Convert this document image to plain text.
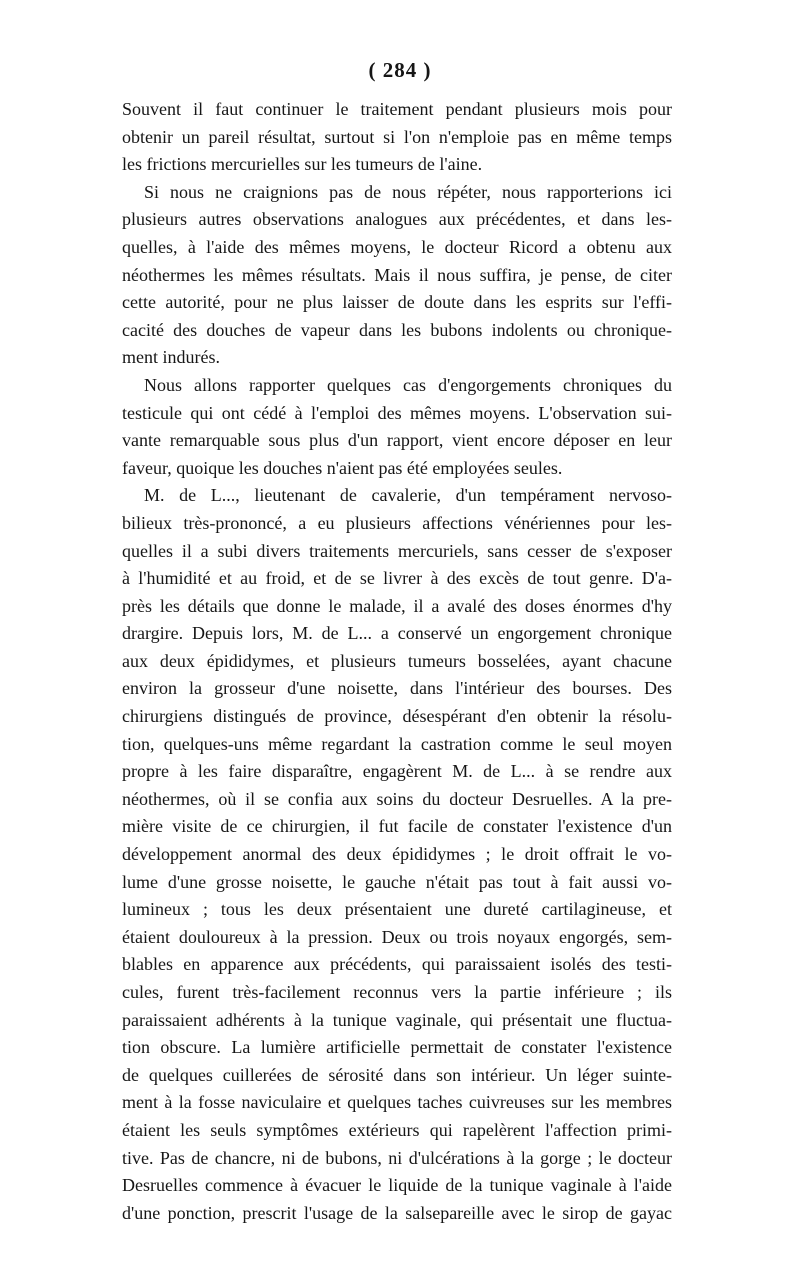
( 284 )
Souvent il faut continuer le traitement pendant plusieurs mois pour
obtenir un pareil résultat, surtout si l'on n'emploie pas en même temps
les frictions mercurielles sur les tumeurs de l'aine.
Si nous ne craignions pas de nous répéter, nous rapporterions ici
plusieurs autres observations analogues aux précédentes, et dans les-
quelles, à l'aide des mêmes moyens, le docteur Ricord a obtenu aux
néothermes les mêmes résultats. Mais il nous suffira, je pense, de citer
cette autorité, pour ne plus laisser de doute dans les esprits sur l'effi-
cacité des douches de vapeur dans les bubons indolents ou chronique-
ment indurés.
Nous allons rapporter quelques cas d'engorgements chroniques du
testicule qui ont cédé à l'emploi des mêmes moyens. L'observation sui-
vante remarquable sous plus d'un rapport, vient encore déposer en leur
faveur, quoique les douches n'aient pas été employées seules.
M. de L..., lieutenant de cavalerie, d'un tempérament nervoso-
bilieux très-prononcé, a eu plusieurs affections vénériennes pour les-
quelles il a subi divers traitements mercuriels, sans cesser de s'exposer
à l'humidité et au froid, et de se livrer à des excès de tout genre. D'a-
près les détails que donne le malade, il a avalé des doses énormes d'hy
drargire. Depuis lors, M. de L... a conservé un engorgement chronique
aux deux épididymes, et plusieurs tumeurs bosselées, ayant chacune
environ la grosseur d'une noisette, dans l'intérieur des bourses. Des
chirurgiens distingués de province, désespérant d'en obtenir la résolu-
tion, quelques-uns même regardant la castration comme le seul moyen
propre à les faire disparaître, engagèrent M. de L... à se rendre aux
néothermes, où il se confia aux soins du docteur Desruelles. A la pre-
mière visite de ce chirurgien, il fut facile de constater l'existence d'un
développement anormal des deux épididymes ; le droit offrait le vo-
lume d'une grosse noisette, le gauche n'était pas tout à fait aussi vo-
lumineux ; tous les deux présentaient une dureté cartilagineuse, et
étaient douloureux à la pression. Deux ou trois noyaux engorgés, sem-
blables en apparence aux précédents, qui paraissaient isolés des testi-
cules, furent très-facilement reconnus vers la partie inférieure ; ils
paraissaient adhérents à la tunique vaginale, qui présentait une fluctua-
tion obscure. La lumière artificielle permettait de constater l'existence
de quelques cuillerées de sérosité dans son intérieur. Un léger suinte-
ment à la fosse naviculaire et quelques taches cuivreuses sur les membres
étaient les seuls symptômes extérieurs qui rapelèrent l'affection primi-
tive. Pas de chancre, ni de bubons, ni d'ulcérations à la gorge ; le docteur
Desruelles commence à évacuer le liquide de la tunique vaginale à l'aide
d'une ponction, prescrit l'usage de la salsepareille avec le sirop de gayac
